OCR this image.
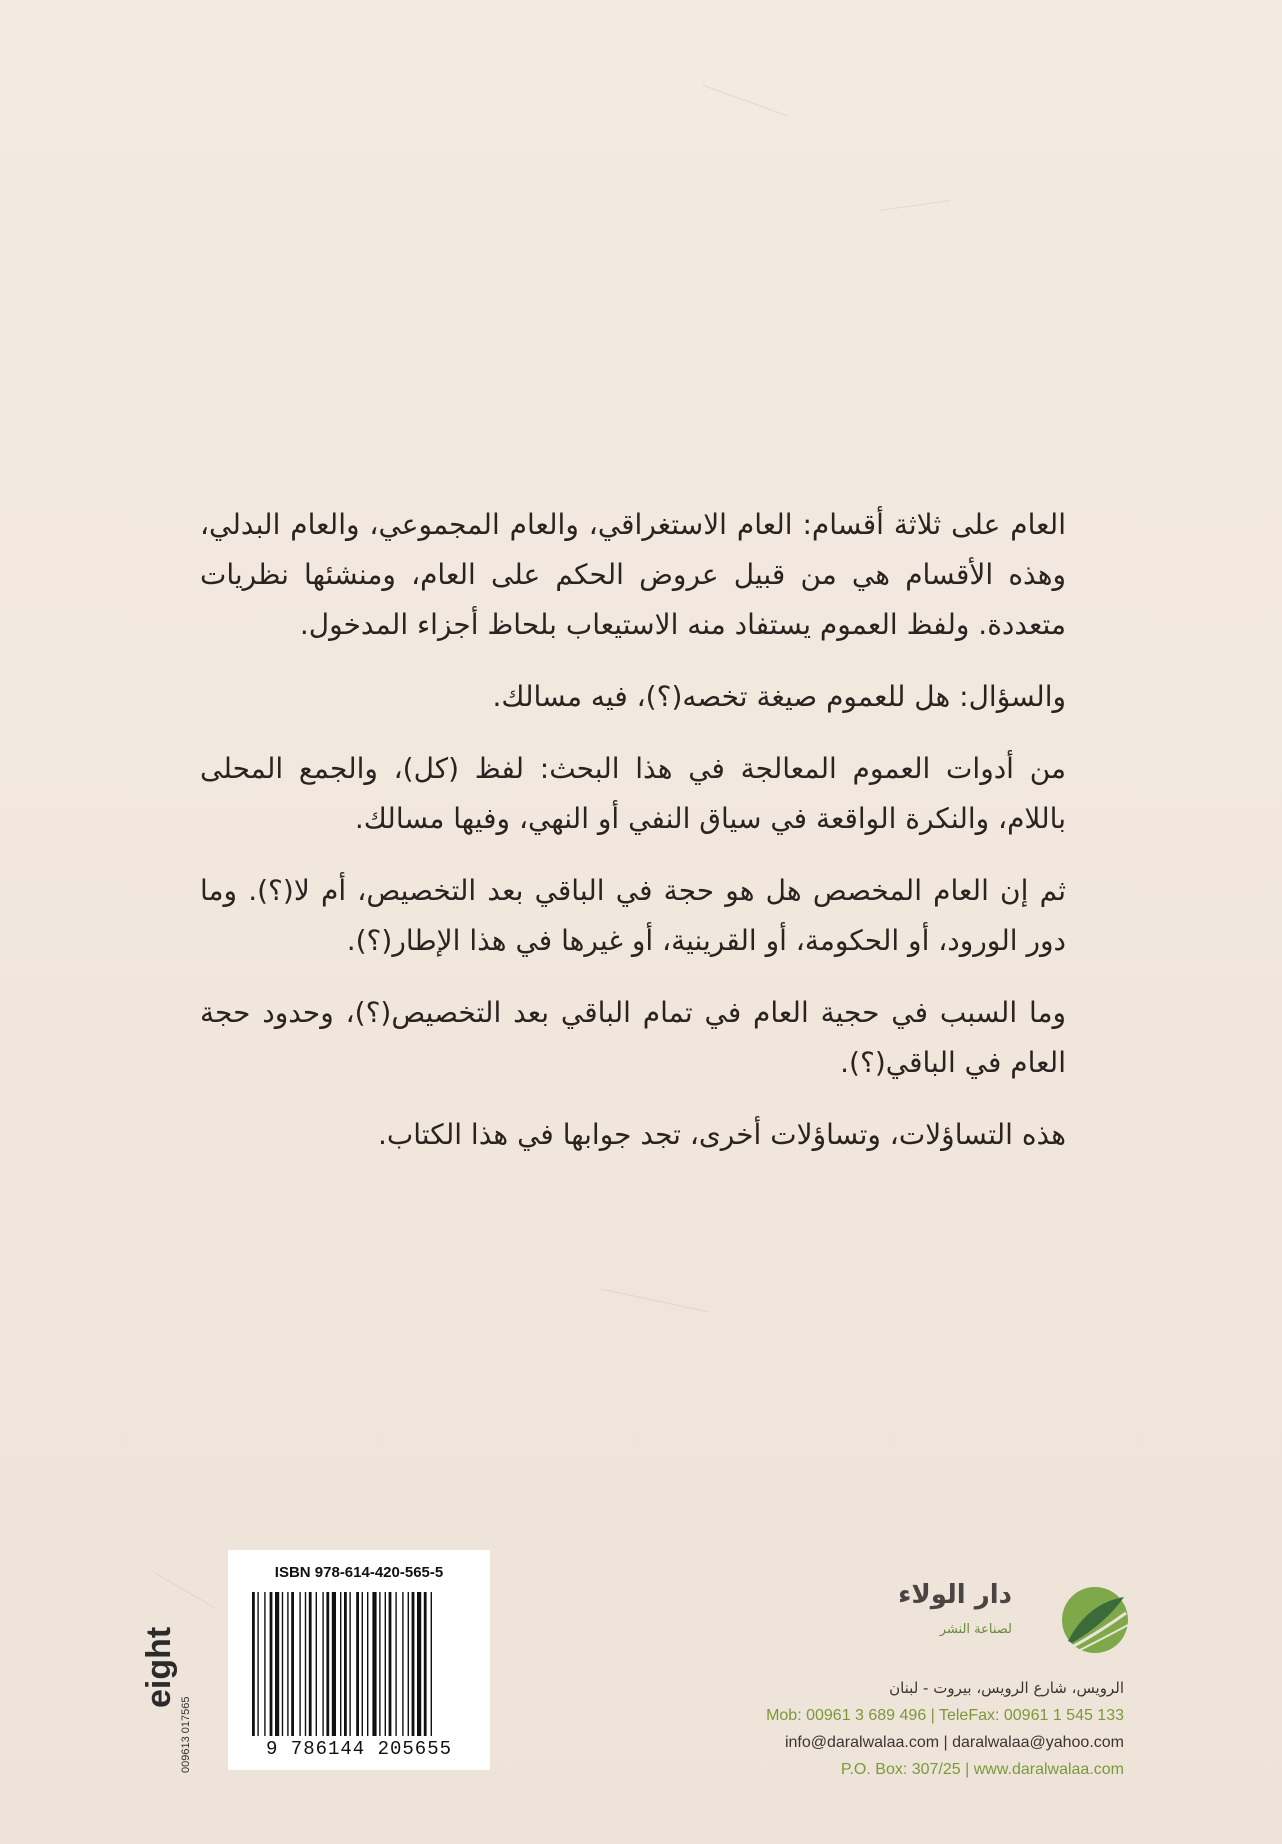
العام على ثلاثة أقسام: العام الاستغراقي، والعام المجموعي، والعام البدلي، وهذه الأقسام هي من قبيل عروض الحكم على العام، ومنشئها نظريات متعددة. ولفظ العموم يستفاد منه الاستيعاب بلحاظ أجزاء المدخول.

والسؤال: هل للعموم صيغة تخصه(؟)، فيه مسالك.

من أدوات العموم المعالجة في هذا البحث: لفظ (كل)، والجمع المحلى باللام، والنكرة الواقعة في سياق النفي أو النهي، وفيها مسالك.

ثم إن العام المخصص هل هو حجة في الباقي بعد التخصيص، أم لا(؟). وما دور الورود، أو الحكومة، أو القرينية، أو غيرها في هذا الإطار(؟).

وما السبب في حجية العام في تمام الباقي بعد التخصيص(؟)، وحدود حجة العام في الباقي(؟).

هذه التساؤلات، وتساؤلات أخرى، تجد جوابها في هذا الكتاب.

ISBN 978-614-420-565-5
9 786144 205655
eight
009613 017565
دار الولاء
لصناعة النشر
الرويس، شارع الرويس، بيروت - لبنان
Mob: 00961 3 689 496 | TeleFax: 00961 1 545 133
info@daralwalaa.com | daralwalaa@yahoo.com
P.O. Box: 307/25 | www.daralwalaa.com
